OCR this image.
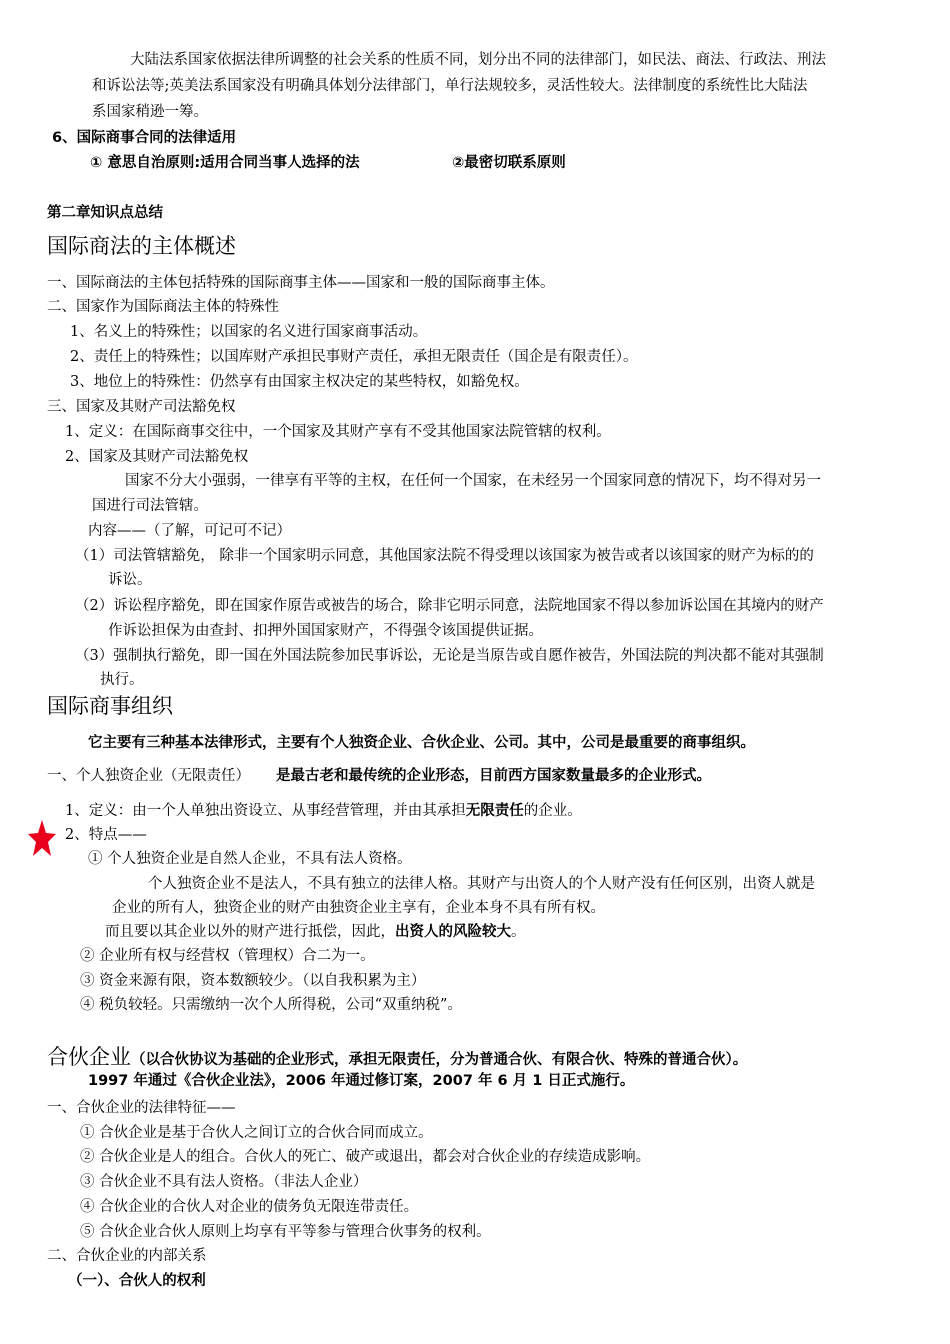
大陆法系国家依据法律所调整的社会关系的性质不同，划分出不同的法律部门，如民法、商法、行政法、刑法
和诉讼法等;英美法系国家没有明确具体划分法律部门，单行法规较多，灵活性较大。法律制度的系统性比大陆法
系国家稍逊一筹。
6、国际商事合同的法律适用
① 意思自治原则:适用合同当事人选择的法	②最密切联系原则
第二章知识点总结
国际商法的主体概述
一、国际商法的主体包括特殊的国际商事主体——国家和一般的国际商事主体。
二、国家作为国际商法主体的特殊性
1、名义上的特殊性；以国家的名义进行国家商事活动。
2、责任上的特殊性；以国库财产承担民事财产责任，承担无限责任（国企是有限责任）。
3、地位上的特殊性：仍然享有由国家主权决定的某些特权，如豁免权。
三、国家及其财产司法豁免权
1、定义：在国际商事交往中，一个国家及其财产享有不受其他国家法院管辖的权利。
2、国家及其财产司法豁免权
国家不分大小强弱，一律享有平等的主权，在任何一个国家，在未经另一个国家同意的情况下，均不得对另一
国进行司法管辖。
内容——（了解，可记可不记）
（1）司法管辖豁免， 除非一个国家明示同意，其他国家法院不得受理以该国家为被告或者以该国家的财产为标的的
诉讼。
（2）诉讼程序豁免，即在国家作原告或被告的场合，除非它明示同意，法院地国家不得以参加诉讼国在其境内的财产
作诉讼担保为由查封、扣押外国国家财产，不得强令该国提供证据。
（3）强制执行豁免，即一国在外国法院参加民事诉讼，无论是当原告或自愿作被告，外国法院的判决都不能对其强制
执行。
国际商事组织
它主要有三种基本法律形式，主要有个人独资企业、合伙企业、公司。其中，公司是最重要的商事组织。
一、个人独资企业（无限责任） 是最古老和最传统的企业形态，目前西方国家数量最多的企业形式。
1、定义：由一个人单独出资设立、从事经营管理，并由其承担无限责任的企业。
2、特点——
① 个人独资企业是自然人企业，不具有法人资格。
个人独资企业不是法人，不具有独立的法律人格。其财产与出资人的个人财产没有任何区别，出资人就是
企业的所有人，独资企业的财产由独资企业主享有，企业本身不具有所有权。
而且要以其企业以外的财产进行抵偿，因此，出资人的风险较大。
② 企业所有权与经营权（管理权）合二为一。
③ 资金来源有限，资本数额较少。（以自我积累为主）
④ 税负较轻。只需缴纳一次个人所得税，公司“双重纳税”。
合伙企业（以合伙协议为基础的企业形式，承担无限责任，分为普通合伙、有限合伙、特殊的普通合伙）。
1997 年通过《合伙企业法》，2006 年通过修订案，2007 年 6 月 1 日正式施行。
一、合伙企业的法律特征——
① 合伙企业是基于合伙人之间订立的合伙合同而成立。
② 合伙企业是人的组合。合伙人的死亡、破产或退出，都会对合伙企业的存续造成影响。
③ 合伙企业不具有法人资格。（非法人企业）
④ 合伙企业的合伙人对企业的债务负无限连带责任。
⑤ 合伙企业合伙人原则上均享有平等参与管理合伙事务的权利。
二、合伙企业的内部关系
（一）、合伙人的权利
